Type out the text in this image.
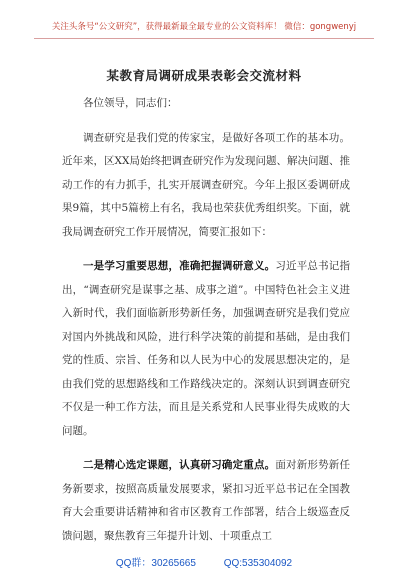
关注头条号“公文研究”，获得最新最全最专业的公文资料库！ 微信：gongwenyj
某教育局调研成果表彰会交流材料

各位领导，同志们：

调查研究是我们党的传家宝，是做好各项工作的基本功。近年来，区XX局始终把调查研究作为发现问题、解决问题、推动工作的有力抓手，扎实开展调查研究。今年上报区委调研成果9篇，其中5篇榜上有名，我局也荣获优秀组织奖。下面，就我局调查研究工作开展情况，简要汇报如下：

一是学习重要思想，准确把握调研意义。习近平总书记指出，“调查研究是谋事之基、成事之道”。中国特色社会主义进入新时代，我们面临新形势新任务，加强调查研究是我们党应对国内外挑战和风险，进行科学决策的前提和基础，是由我们党的性质、宗旨、任务和以人民为中心的发展思想决定的，是由我们党的思想路线和工作路线决定的。深刻认识到调查研究不仅是一种工作方法，而且是关系党和人民事业得失成败的大问题。

二是精心选定课题，认真研习确定重点。面对新形势新任务新要求，按照高质量发展要求，紧扣习近平总书记在全国教育大会重要讲话精神和省市区教育工作部署，结合上级巡查反馈问题，聚焦教育三年提升计划、十项重点工

QQ群：30265665          QQ:535304092
